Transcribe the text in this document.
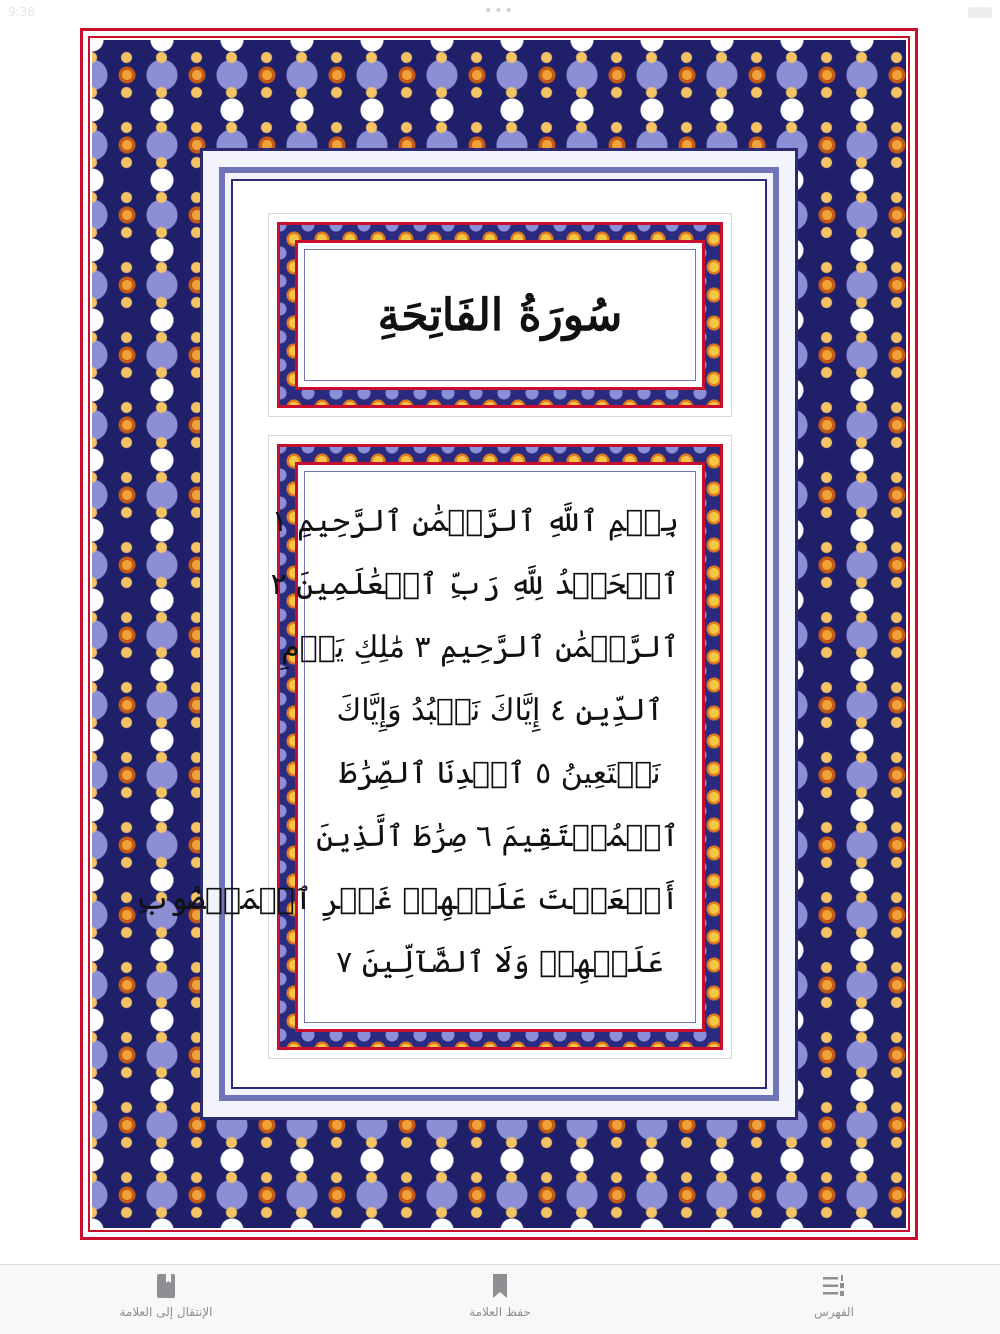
9:38	•••
سُورَةُ الفَاتِحَةِ
بِسۡمِ ٱللَّهِ ٱلرَّحۡمَٰنِ ٱلرَّحِيمِ ١
ٱلۡحَمۡدُ لِلَّهِ رَبِّ ٱلۡعَٰلَمِينَ ٢
ٱلرَّحۡمَٰنِ ٱلرَّحِيمِ ٣ مَٰلِكِ يَوۡمِ
ٱلدِّينِ ٤ إِيَّاكَ نَعۡبُدُ وَإِيَّاكَ
نَسۡتَعِينُ ٥ ٱهۡدِنَا ٱلصِّرَٰطَ
ٱلۡمُسۡتَقِيمَ ٦ صِرَٰطَ ٱلَّذِينَ
أَنۡعَمۡتَ عَلَيۡهِمۡ غَيۡرِ ٱلۡمَغۡضُوبِ
عَلَيۡهِمۡ وَلَا ٱلضَّآلِّينَ ٧
الإنتقال إلى العلامة	حفظ العلامة	الفهرس
